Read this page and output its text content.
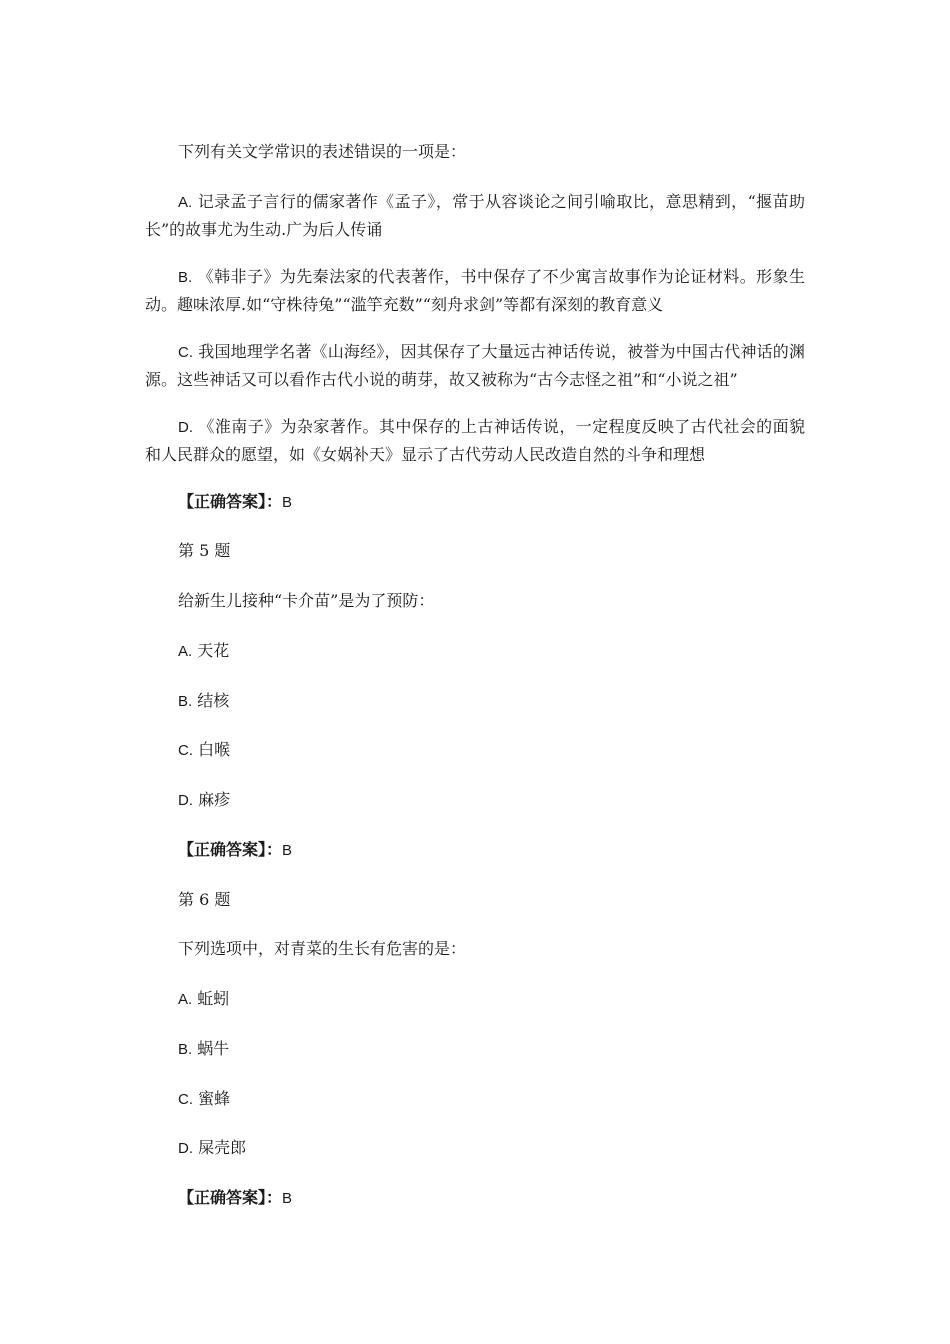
下列有关文学常识的表述错误的一项是：
A. 记录孟子言行的儒家著作《孟子》，常于从容谈论之间引喻取比，意思精到，“揠苗助长”的故事尤为生动.广为后人传诵
B. 《韩非子》为先秦法家的代表著作，书中保存了不少寓言故事作为论证材料。形象生动。趣味浓厚.如“守株待兔”“滥竽充数”“刻舟求剑”等都有深刻的教育意义
C. 我国地理学名著《山海经》，因其保存了大量远古神话传说，被誉为中国古代神话的渊源。这些神话又可以看作古代小说的萌芽，故又被称为“古今志怪之祖”和“小说之祖”
D. 《淮南子》为杂家著作。其中保存的上古神话传说，一定程度反映了古代社会的面貌和人民群众的愿望，如《女娲补天》显示了古代劳动人民改造自然的斗争和理想
【正确答案】：B
第 5 题
给新生儿接种“卡介苗”是为了预防：
A. 天花
B. 结核
C. 白喉
D. 麻疹
【正确答案】：B
第 6 题
下列选项中，对青菜的生长有危害的是：
A. 蚯蚓
B. 蜗牛
C. 蜜蜂
D. 屎壳郎
【正确答案】：B
